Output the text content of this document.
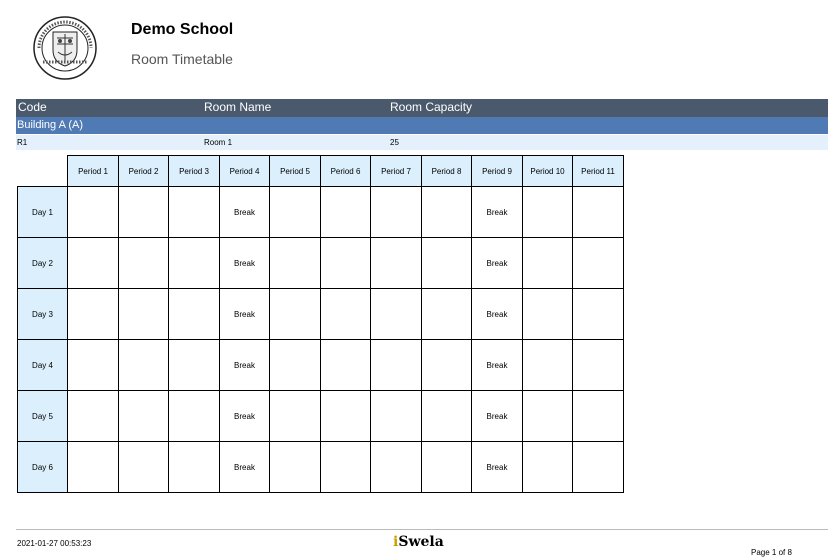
Demo School
Room Timetable
Code	Room Name	Room Capacity
Building A (A)
R1	Room 1	25
	Period 1	Period 2	Period 3	Period 4	Period 5	Period 6	Period 7	Period 8	Period 9	Period 10	Period 11
Day 1				Break					Break		
Day 2				Break					Break		
Day 3				Break					Break		
Day 4				Break					Break		
Day 5				Break					Break		
Day 6				Break					Break		
2021-01-27 00:53:23	iSwela
Page 1 of 8
